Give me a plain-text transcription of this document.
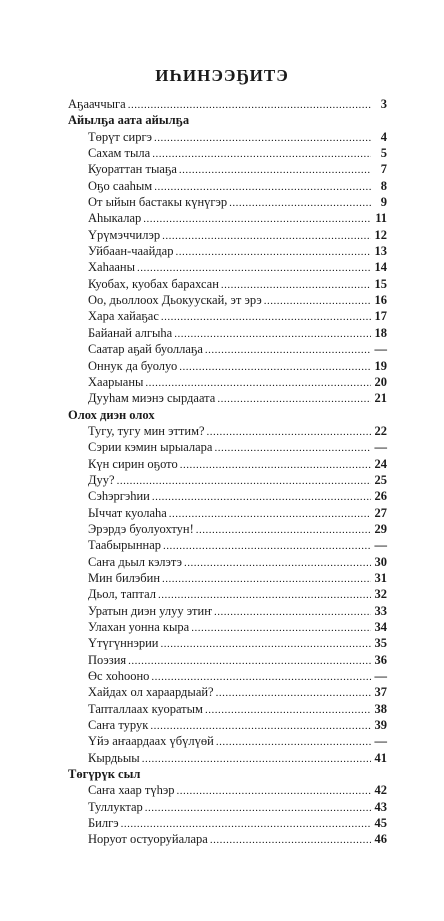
ИҺИНЭЭҔИТЭ
Аҕааччыга .....	3
Айылҕа аата айылҕа
Төрүт сиргэ .....	4
Сахам тыла .....	5
Куораттан тыаҕа .....	7
Оҕо сааһым .....	8
От ыйын бастакы күнүгэр .....	9
Аһыкалар .....	11
Үрүмэччилэр .....	12
Уйбаан-чаайдар .....	13
Хаһааны .....	14
Куобах, куобах барахсан .....	15
Оо, дьоллоох Дьокуускай, эт эрэ .....	16
Хара хайаҕас .....	17
Байанай алгыһа .....	18
Саатар аҕай буоллаҕа .....	—
Оннук да буолуо .....	19
Хаарыаны .....	20
Дууһам миэнэ сырдаата .....	21
Олох диэн олох
Тугу, тугу мин эттим? .....	22
Сэрии кэмин ырыалара .....	—
Күн сирин оҕото .....	24
Дуу? .....	25
Сэһэргэһии .....	26
Ыччат куолаһа .....	27
Эрэрдэ буолуохтун! .....	29
Таабырыннар .....	—
Саҥа дьыл кэлэтэ .....	30
Мин билэбин .....	31
Дьол, таптал .....	32
Уратын диэн улуу этиҥ .....	33
Улахан уонна кыра .....	34
Үтүгүннэрии .....	35
Поэзия .....	36
Өс хоһооно .....	—
Хайдах ол хараардыай? .....	37
Тапталлаах куоратым .....	38
Саҥа турук .....	39
Үйэ аҥаардаах үбүлүөй .....	—
Кырдьыы .....	41
Төгүрүк сыл
Саҥа хаар түһэр .....	42
Туллуктар .....	43
Билгэ .....	45
Норуот остуоруйалара .....	46
